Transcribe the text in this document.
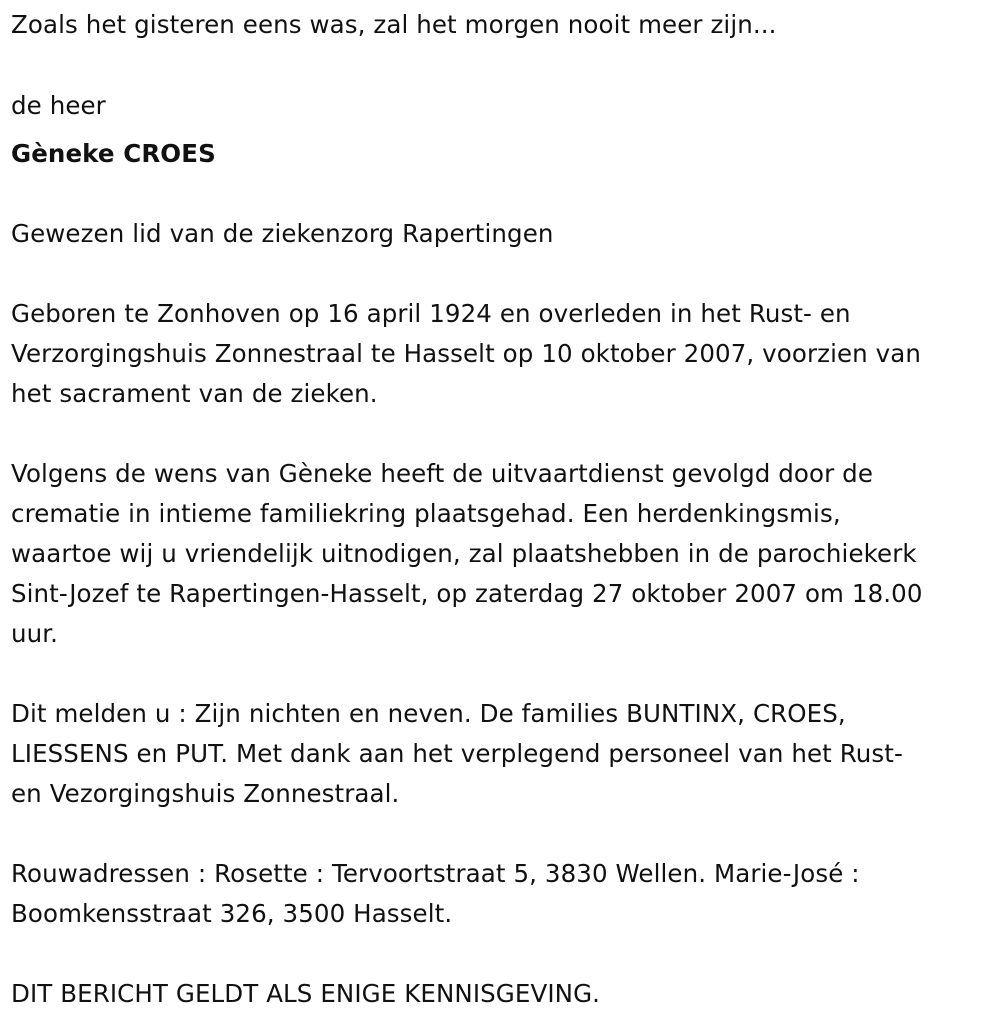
Zoals het gisteren eens was, zal het morgen nooit meer zijn...
de heer
Gèneke CROES
Gewezen lid van de ziekenzorg Rapertingen
Geboren te Zonhoven op 16 april 1924 en overleden in het Rust- en
Verzorgingshuis Zonnestraal te Hasselt op 10 oktober 2007, voorzien van
het sacrament van de zieken.
Volgens de wens van Gèneke heeft de uitvaartdienst gevolgd door de
crematie in intieme familiekring plaatsgehad. Een herdenkingsmis,
waartoe wij u vriendelijk uitnodigen, zal plaatshebben in de parochiekerk
Sint-Jozef te Rapertingen-Hasselt, op zaterdag 27 oktober 2007 om 18.00
uur.
Dit melden u : Zijn nichten en neven. De families BUNTINX, CROES,
LIESSENS en PUT. Met dank aan het verplegend personeel van het Rust-
en Vezorgingshuis Zonnestraal.
Rouwadressen : Rosette : Tervoortstraat 5, 3830 Wellen. Marie-José :
Boomkensstraat 326, 3500 Hasselt.
DIT BERICHT GELDT ALS ENIGE KENNISGEVING.
